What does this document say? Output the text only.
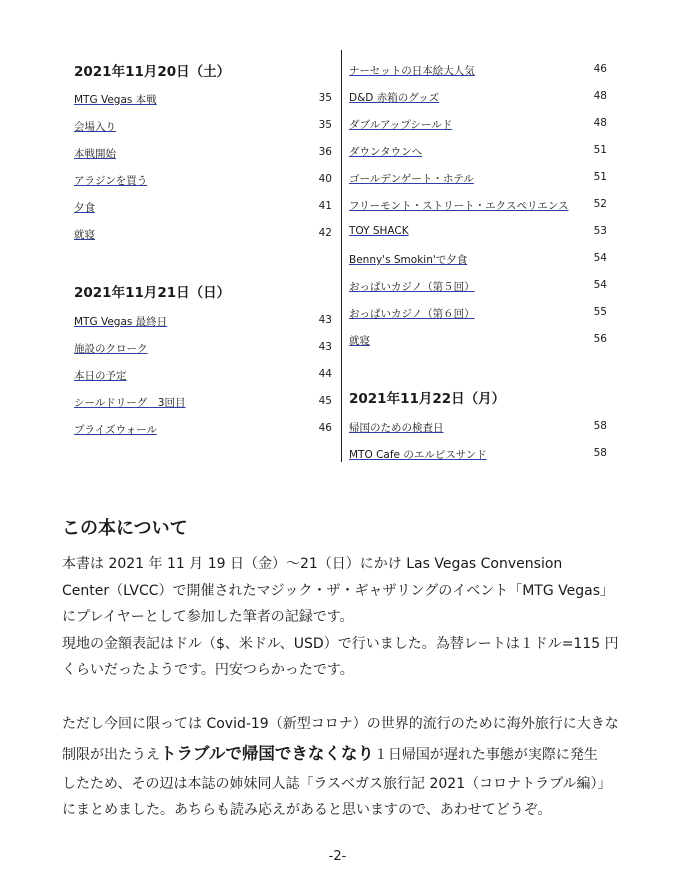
2021年11月20日（土）
MTG Vegas 本戦	35
会場入り	35
本戦開始	36
アラジンを買う	40
夕食	41
就寝	42
2021年11月21日（日）
MTG Vegas 最終日	43
施設のクローク	43
本日の予定	44
シールドリーグ　3回目	45
プライズウォール	46
ナーセットの日本絵大人気	46
D&D 赤箱のグッズ	48
ダブルアップシールド	48
ダウンタウンへ	51
ゴールデンゲート・ホテル	51
フリーモント・ストリート・エクスペリエンス 52
TOY SHACK	53
Benny's Smokin'で夕食	54
おっぱいカジノ（第５回）	54
おっぱいカジノ（第６回）	55
就寝	56
2021年11月22日（月）
帰国のための検査日	58
MTO Cafe のエルピスサンド	58
この本について
本書は 2021 年 11 月 19 日（金）～21（日）にかけ Las Vegas Convension
Center（LVCC）で開催されたマジック・ザ・ギャザリングのイベント「MTG Vegas」
にプレイヤーとして参加した筆者の記録です。
現地の金額表記はドル（$、米ドル、USD）で行いました。為替レートは１ドル=115 円
くらいだったようです。円安つらかったです。
ただし今回に限っては Covid-19（新型コロナ）の世界的流行のために海外旅行に大きな
制限が出たうえトラブルで帰国できなくなり１日帰国が遅れた事態が実際に発生
したため、その辺は本誌の姉妹同人誌「ラスベガス旅行記 2021（コロナトラブル編）」
にまとめました。あちらも読み応えがあると思いますので、あわせてどうぞ。
-2-
